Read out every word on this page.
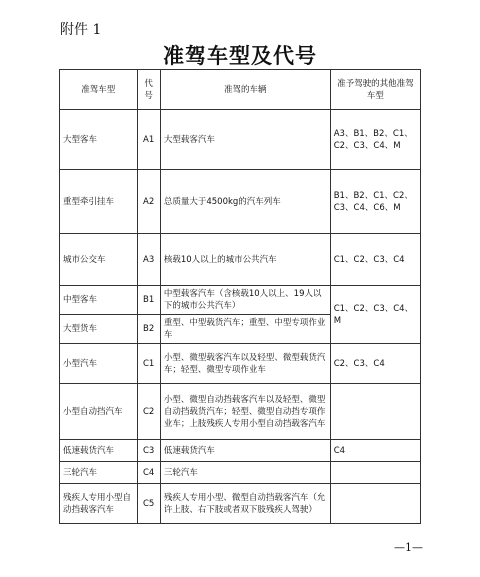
附件 1
准驾车型及代号
准驾车型	代号	准驾的车辆	准予驾驶的其他准驾车型
大型客车	A1	大型载客汽车	A3、B1、B2、C1、C2、C3、C4、M
重型牵引挂车	A2	总质量大于4500kg的汽车列车	B1、B2、C1、C2、C3、C4、C6、M
城市公交车	A3	核载10人以上的城市公共汽车	C1、C2、C3、C4
中型客车	B1	中型载客汽车（含核载10人以上、19人以下的城市公共汽车）	C1、C2、C3、C4、M
大型货车	B2	重型、中型载货汽车；重型、中型专项作业车	
小型汽车	C1	小型、微型载客汽车以及轻型、微型载货汽车；轻型、微型专项作业车	C2、C3、C4
小型自动挡汽车	C2	小型、微型自动挡载客汽车以及轻型、微型自动挡载货汽车；轻型、微型自动挡专项作业车；上肢残疾人专用小型自动挡载客汽车	
低速载货汽车	C3	低速载货汽车	C4
三轮汽车	C4	三轮汽车	
残疾人专用小型自动挡载客汽车	C5	残疾人专用小型、微型自动挡载客汽车（允许上肢、右下肢或者双下肢残疾人驾驶）	
—1—
